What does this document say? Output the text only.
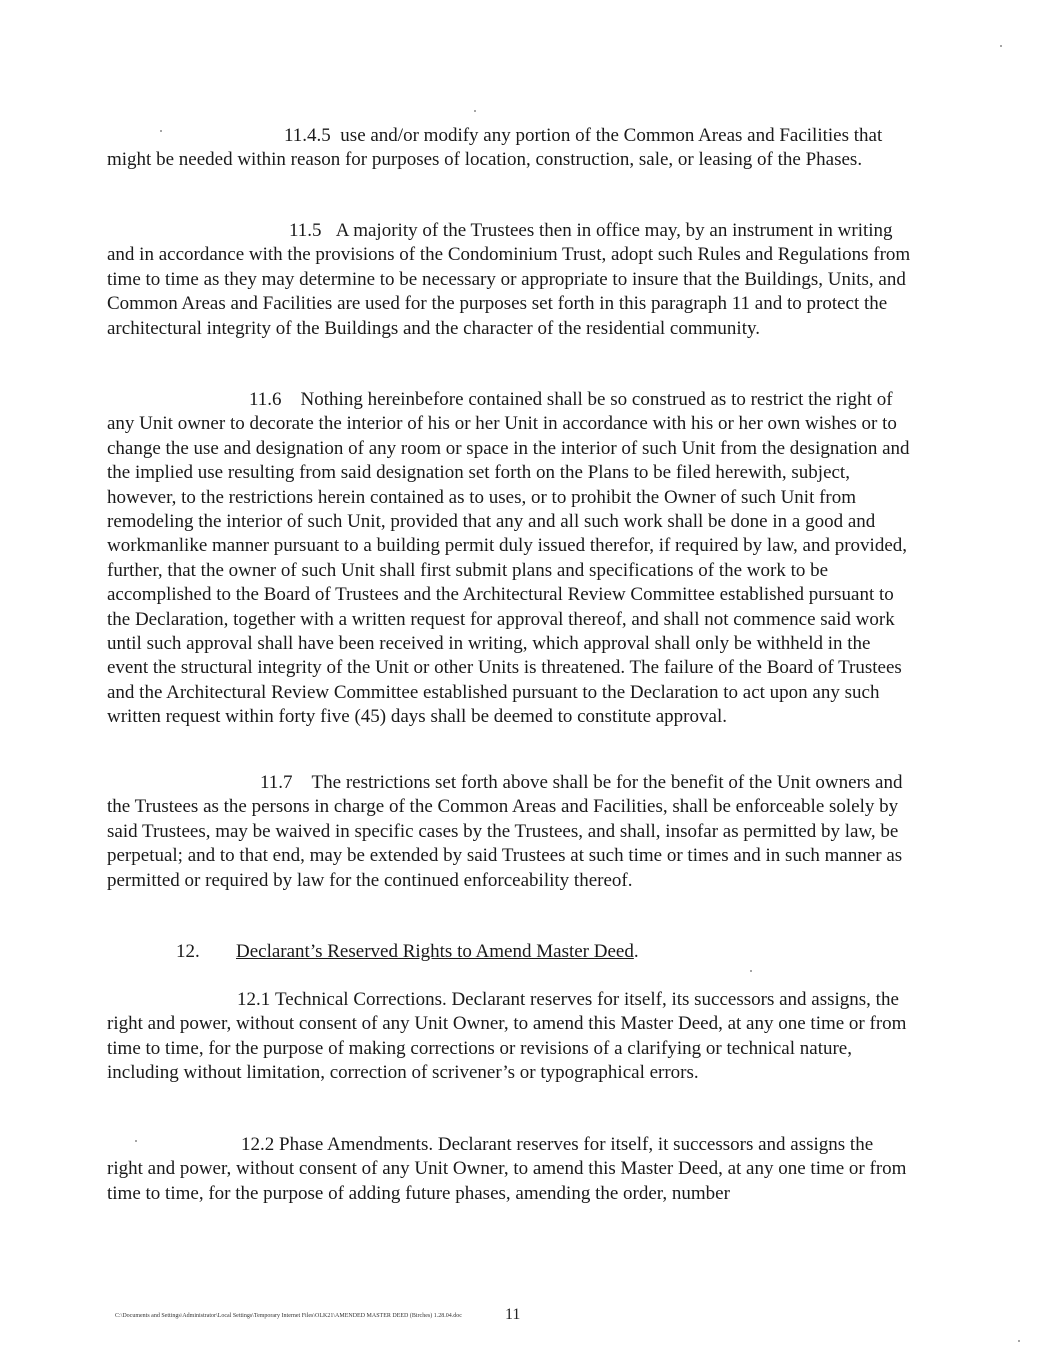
11.4.5 use and/or modify any portion of the Common Areas and Facilities that might be needed within reason for purposes of location, construction, sale, or leasing of the Phases.

11.5 A majority of the Trustees then in office may, by an instrument in writing and in accordance with the provisions of the Condominium Trust, adopt such Rules and Regulations from time to time as they may determine to be necessary or appropriate to insure that the Buildings, Units, and Common Areas and Facilities are used for the purposes set forth in this paragraph 11 and to protect the architectural integrity of the Buildings and the character of the residential community.

11.6 Nothing hereinbefore contained shall be so construed as to restrict the right of any Unit owner to decorate the interior of his or her Unit in accordance with his or her own wishes or to change the use and designation of any room or space in the interior of such Unit from the designation and the implied use resulting from said designation set forth on the Plans to be filed herewith, subject, however, to the restrictions herein contained as to uses, or to prohibit the Owner of such Unit from remodeling the interior of such Unit, provided that any and all such work shall be done in a good and workmanlike manner pursuant to a building permit duly issued therefor, if required by law, and provided, further, that the owner of such Unit shall first submit plans and specifications of the work to be accomplished to the Board of Trustees and the Architectural Review Committee established pursuant to the Declaration, together with a written request for approval thereof, and shall not commence said work until such approval shall have been received in writing, which approval shall only be withheld in the event the structural integrity of the Unit or other Units is threatened. The failure of the Board of Trustees and the Architectural Review Committee established pursuant to the Declaration to act upon any such written request within forty five (45) days shall be deemed to constitute approval.

11.7 The restrictions set forth above shall be for the benefit of the Unit owners and the Trustees as the persons in charge of the Common Areas and Facilities, shall be enforceable solely by said Trustees, may be waived in specific cases by the Trustees, and shall, insofar as permitted by law, be perpetual; and to that end, may be extended by said Trustees at such time or times and in such manner as permitted or required by law for the continued enforceability thereof.

12. Declarant’s Reserved Rights to Amend Master Deed.

12.1 Technical Corrections. Declarant reserves for itself, its successors and assigns, the right and power, without consent of any Unit Owner, to amend this Master Deed, at any one time or from time to time, for the purpose of making corrections or revisions of a clarifying or technical nature, including without limitation, correction of scrivener’s or typographical errors.

12.2 Phase Amendments. Declarant reserves for itself, it successors and assigns the right and power, without consent of any Unit Owner, to amend this Master Deed, at any one time or from time to time, for the purpose of adding future phases, amending the order, number

C:\Documents and Settings\Administrator\Local Settings\Temporary Internet Files\OLK21\AMENDED MASTER DEED (Birches) 1.28.04.doc	11
